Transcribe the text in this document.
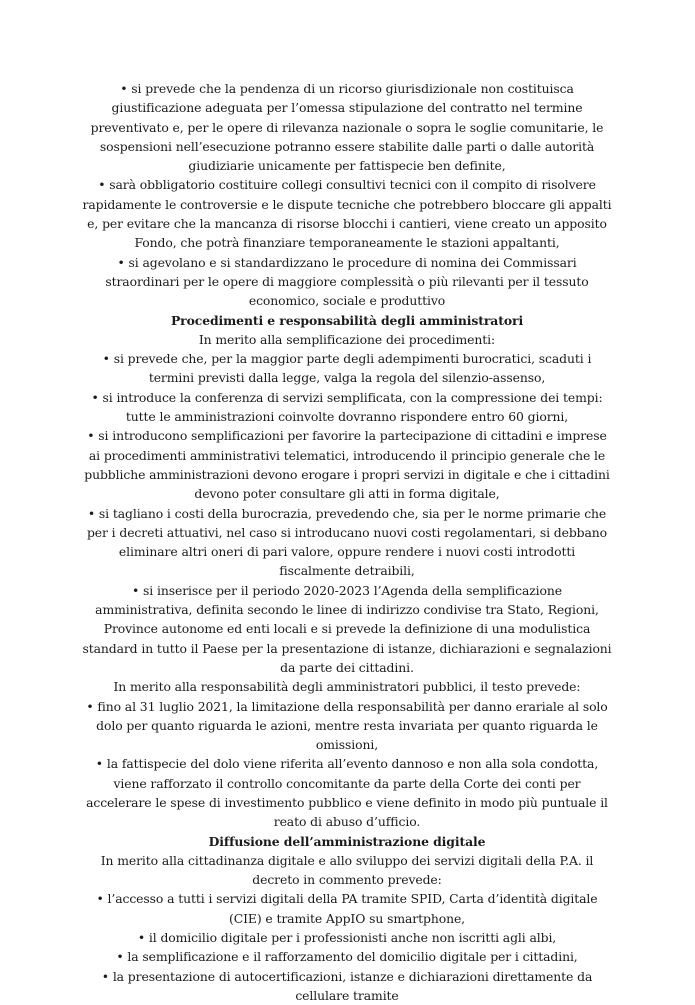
• si prevede che la pendenza di un ricorso giurisdizionale non costituisca giustificazione adeguata per l’omessa stipulazione del contratto nel termine preventivato e, per le opere di rilevanza nazionale o sopra le soglie comunitarie, le sospensioni nell’esecuzione potranno essere stabilite dalle parti o dalle autorità giudiziarie unicamente per fattispecie ben definite,

• sarà obbligatorio costituire collegi consultivi tecnici con il compito di risolvere rapidamente le controversie e le dispute tecniche che potrebbero bloccare gli appalti e, per evitare che la mancanza di risorse blocchi i cantieri, viene creato un apposito Fondo, che potrà finanziare temporaneamente le stazioni appaltanti,

• si agevolano e si standardizzano le procedure di nomina dei Commissari straordinari per le opere di maggiore complessità o più rilevanti per il tessuto economico, sociale e produttivo

Procedimenti e responsabilità degli amministratori

In merito alla semplificazione dei procedimenti:

• si prevede che, per la maggior parte degli adempimenti burocratici, scaduti i termini previsti dalla legge, valga la regola del silenzio-assenso,

• si introduce la conferenza di servizi semplificata, con la compressione dei tempi: tutte le amministrazioni coinvolte dovranno rispondere entro 60 giorni,

• si introducono semplificazioni per favorire la partecipazione di cittadini e imprese ai procedimenti amministrativi telematici, introducendo il principio generale che le pubbliche amministrazioni devono erogare i propri servizi in digitale e che i cittadini devono poter consultare gli atti in forma digitale,

• si tagliano i costi della burocrazia, prevedendo che, sia per le norme primarie che per i decreti attuativi, nel caso si introducano nuovi costi regolamentari, si debbano eliminare altri oneri di pari valore, oppure rendere i nuovi costi introdotti fiscalmente detraibili,

• si inserisce per il periodo 2020-2023 l’Agenda della semplificazione amministrativa, definita secondo le linee di indirizzo condivise tra Stato, Regioni, Province autonome ed enti locali e si prevede la definizione di una modulistica standard in tutto il Paese per la presentazione di istanze, dichiarazioni e segnalazioni da parte dei cittadini.

In merito alla responsabilità degli amministratori pubblici, il testo prevede:

• fino al 31 luglio 2021, la limitazione della responsabilità per danno erariale al solo dolo per quanto riguarda le azioni, mentre resta invariata per quanto riguarda le omissioni,

• la fattispecie del dolo viene riferita all’evento dannoso e non alla sola condotta, viene rafforzato il controllo concomitante da parte della Corte dei conti per accelerare le spese di investimento pubblico e viene definito in modo più puntuale il reato di abuso d’ufficio.

Diffusione dell’amministrazione digitale

In merito alla cittadinanza digitale e allo sviluppo dei servizi digitali della P.A. il decreto in commento prevede:

• l’accesso a tutti i servizi digitali della PA tramite SPID, Carta d’identità digitale (CIE) e tramite AppIO su smartphone,

• il domicilio digitale per i professionisti anche non iscritti agli albi,

• la semplificazione e il rafforzamento del domicilio digitale per i cittadini,

• la presentazione di autocertificazioni, istanze e dichiarazioni direttamente da cellulare tramite
